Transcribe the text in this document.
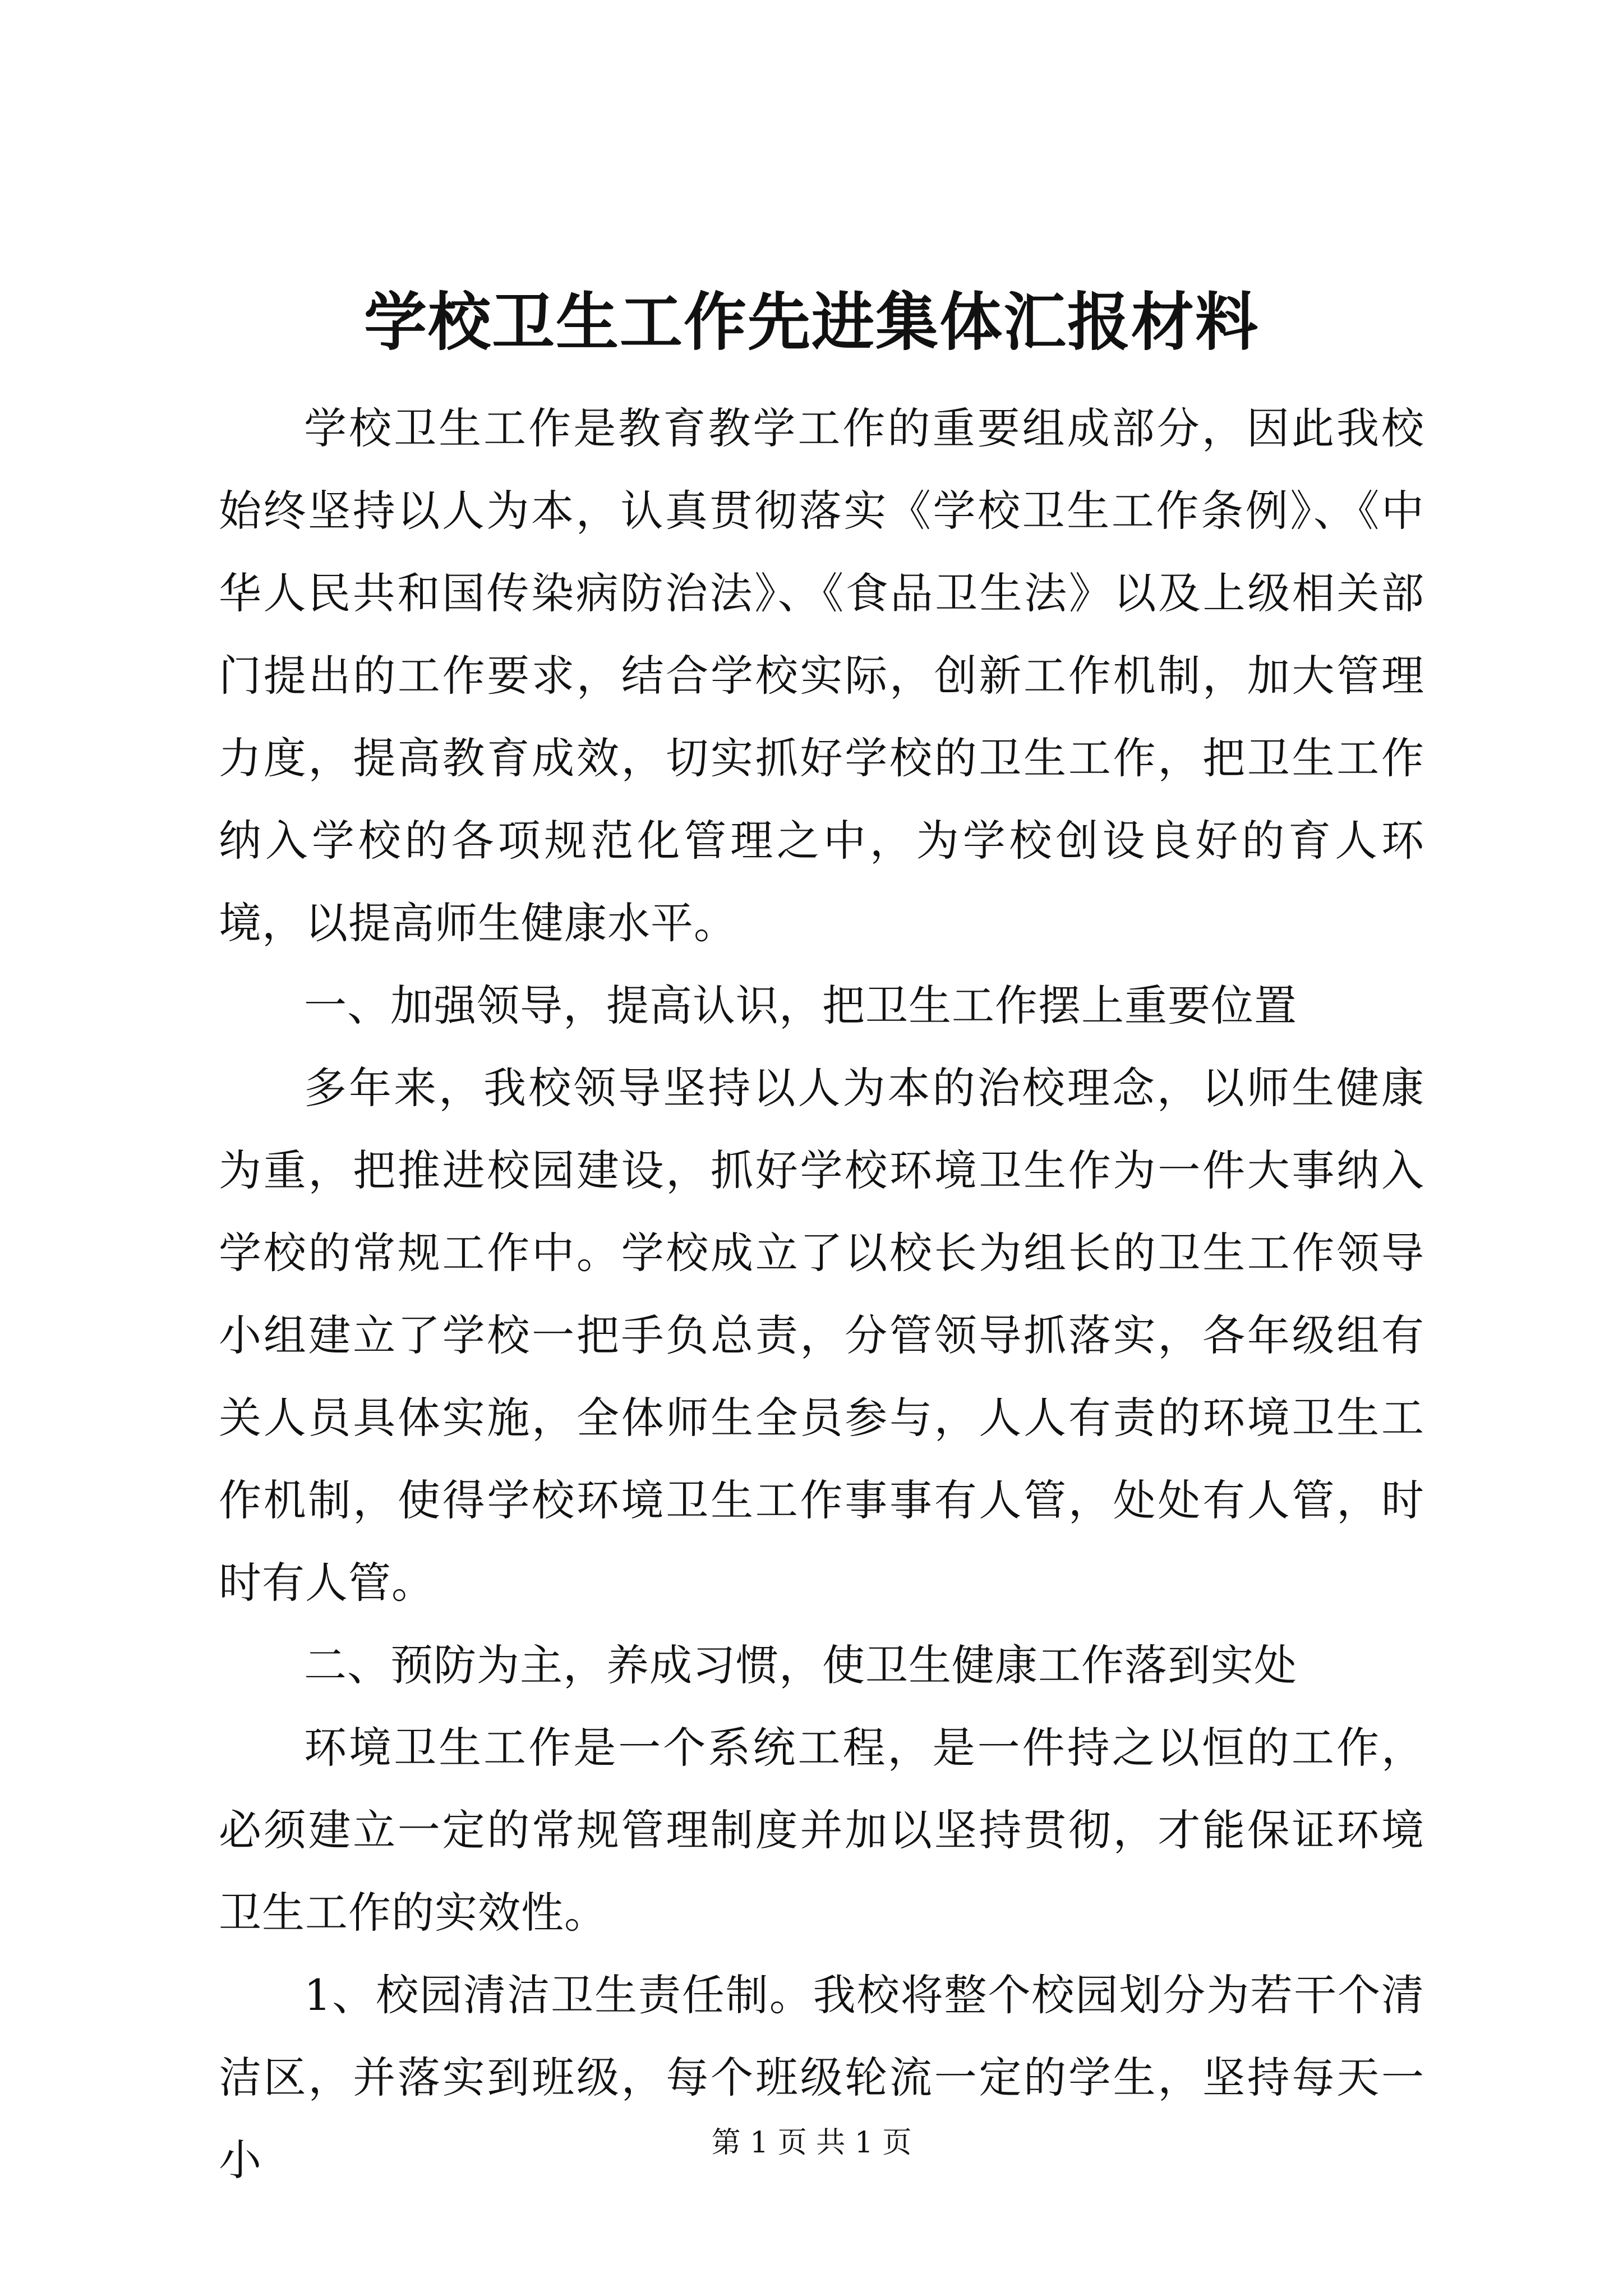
学校卫生工作先进集体汇报材料

学校卫生工作是教育教学工作的重要组成部分，因此我校始终坚持以人为本，认真贯彻落实《学校卫生工作条例》、《中华人民共和国传染病防治法》、《食品卫生法》以及上级相关部门提出的工作要求，结合学校实际，创新工作机制，加大管理力度，提高教育成效，切实抓好学校的卫生工作，把卫生工作纳入学校的各项规范化管理之中，为学校创设良好的育人环境，以提高师生健康水平。

一、加强领导，提高认识，把卫生工作摆上重要位置

多年来，我校领导坚持以人为本的治校理念，以师生健康为重，把推进校园建设，抓好学校环境卫生作为一件大事纳入学校的常规工作中。学校成立了以校长为组长的卫生工作领导小组建立了学校一把手负总责，分管领导抓落实，各年级组有关人员具体实施，全体师生全员参与，人人有责的环境卫生工作机制，使得学校环境卫生工作事事有人管，处处有人管，时时有人管。

二、预防为主，养成习惯，使卫生健康工作落到实处

环境卫生工作是一个系统工程，是一件持之以恒的工作，必须建立一定的常规管理制度并加以坚持贯彻，才能保证环境卫生工作的实效性。

1、校园清洁卫生责任制。我校将整个校园划分为若干个清洁区，并落实到班级，每个班级轮流一定的学生，坚持每天一小	第 1 页 共 1 页
